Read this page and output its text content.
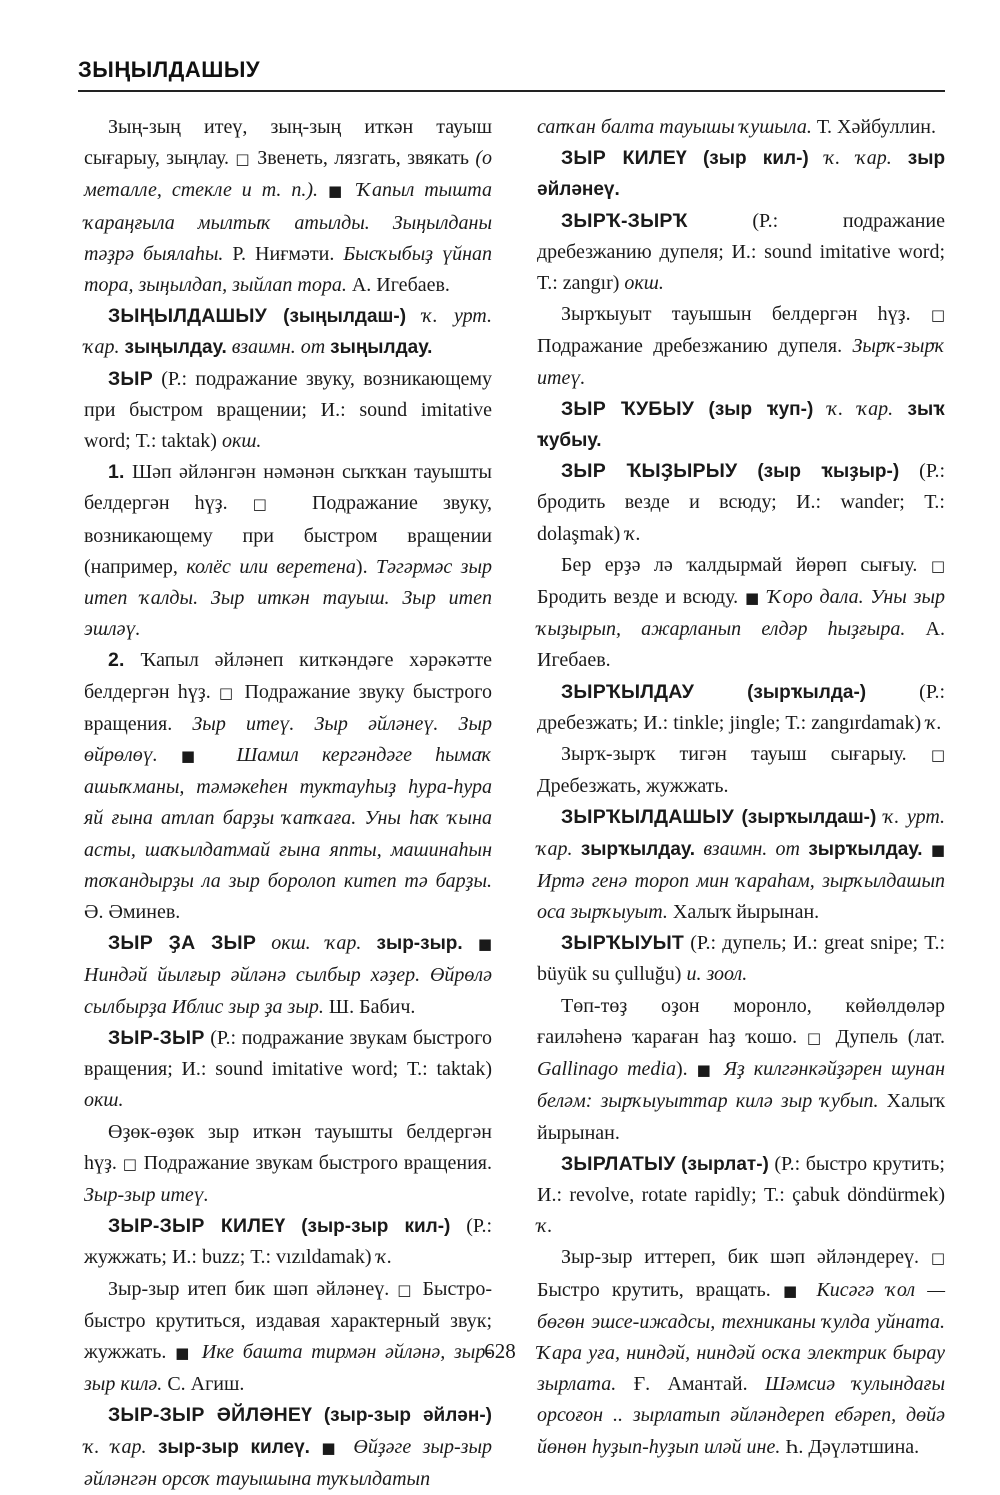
ЗЫҢЫЛДАШЫУ

Зың-зың итеү, зың-зың иткән тауыш сығарыу, зыңлау. □ Звенеть, лязгать, звякать (о металле, стекле и т. п.). ■ Ҡапыл тышта ҡараңғыла мылтыҡ атылды. Зыңылданы тәҙрә быялаһы. Р. Ниғмәти. Бысҡыбыҙ үйнап тора, зыңылдап, зыйлап тора. А. Игебаев.

ЗЫҢЫЛДАШЫУ (зыңылдаш-) ҡ. урт. ҡар. зыңылдау. взаимн. от зыңылдау.

ЗЫР (Р.: подражание звуку, возникающему при быстром вращении; И.: sound imitative word; Т.: taktak) окш.

1. Шәп әйләнгән нәмәнән сыҡҡан тауышты белдергән һүҙ. □ Подражание звуку, возникающему при быстром вращении (например, колёс или веретена). Тәгәрмәс зыр итеп ҡалды. Зыр иткән тауыш. Зыр итеп эшләү.

2. Ҡапыл әйләнеп киткәндәге хәрәкәтте белдергән һүҙ. □ Подражание звуку быстрого вращения. Зыр итеү. Зыр әйләнеү. Зыр өйрөлөү. ■ Шамил кергәндәге һымаҡ ашыҡманы, тәмәкеһен туктауһыҙ һура-һура яй ғына атлап барҙы ҡапҡаға. Уны һаҡ ҡына асты, шаҡылдатмай ғына япты, машинаһын тоҡандырҙы ла зыр боролоп китеп тә барҙы. Ә. Әминев.

ЗЫР ҘА ЗЫР окш. ҡар. зыр-зыр. ■ Ниндәй йылғыр әйләнә сылбыр хәҙер. Өйрөлә сылбырҙа Иблис зыр ҙа зыр. Ш. Бабич.

ЗЫР-ЗЫР (Р.: подражание звукам быстрого вращения; И.: sound imitative word; Т.: taktak) окш.

Өҙөк-өҙөк зыр иткән тауышты белдергән һүҙ. □ Подражание звукам быстрого вращения. Зыр-зыр итеү.

ЗЫР-ЗЫР КИЛЕҮ (зыр-зыр кил-) (Р.: жужжать; И.: buzz; Т.: vızıldamak) ҡ.

Зыр-зыр итеп бик шәп әйләнеү. □ Быстро-быстро крутиться, издавая характерный звук; жужжать. ■ Ике башта тирмән әйләнә, зыр-зыр килә. С. Агиш.

ЗЫР-ЗЫР ӘЙЛӘНЕҮ (зыр-зыр әйлән-) ҡ. ҡар. зыр-зыр килеү. ■ Өйҙәге зыр-зыр әйләнгән орсоҡ тауышына туҡылдатып

сапҡан балта тауышы ҡушыла. Т. Хәйбуллин.

ЗЫР КИЛЕҮ (зыр кил-) ҡ. ҡар. зыр әйләнеү.

ЗЫРҠ-ЗЫРҠ	(Р.: подражание дребезжанию дупеля; И.: sound imitative word; Т.: zangır) окш.

Зырҡыуыт тауышын белдергән һүҙ. □ Подражание дребезжанию дупеля. Зырҡ-зырҡ итеү.

ЗЫР ҠУБЫУ (зыр ҡуп-) ҡ. ҡар. зыҡ ҡубыу.

ЗЫР ҠЫҘЫРЫУ (зыр ҡыҙыр-) (Р.: бродить везде и всюду; И.: wander; Т.: dolaşmak) ҡ.

Бер ерҙә лә ҡалдырмай йөрөп сығыу. □ Бродить везде и всюду. ■ Ҡоро дала. Уны зыр ҡыҙырып, ажарланып елдәр һыҙғыра. А. Игебаев.

ЗЫРҠЫЛДАУ	(зырҡылда-)	(Р.: дребезжать; И.: tinkle; jingle; Т.: zangırdamak) ҡ.

Зырҡ-зырҡ тигән тауыш сығарыу. □ Дребезжать, жужжать.

ЗЫРҠЫЛДАШЫУ (зырҡылдаш-) ҡ. урт. ҡар. зырҡылдау. взаимн. от зырҡылдау. ■ Иртә генә тороп мин ҡараһам, зырҡылдашып оса зырҡыуыт. Халыҡ йырынан.

ЗЫРҠЫУЫТ (Р.: дупель; И.: great snipe; Т.: büyük su çulluğu) и. зоол.

Төп-төҙ оҙон моронло, көйөлдөләр ғаиләһенә ҡараған һаҙ ҡошо. □ Дупель (лат. Gallinago media). ■ Яҙ килгәнкәйҙәрен шунан беләм: зырҡыуыттар килә зыр ҡубып. Халыҡ йырынан.

ЗЫРЛАТЫУ (зырлат-) (Р.: быстро крутить; И.: revolve, rotate rapidly; Т.: çabuk döndürmek) ҡ.

Зыр-зыр иттереп, бик шәп әйләндереү. □ Быстро крутить, вращать. ■ Кисәгә ҡол — бөгөн эшсе-ижадсы, техниканы ҡулда уйната. Ҡара уға, ниндәй, ниндәй осҡа электрик бырау зырлата. Ғ. Амантай. Шәмсиә ҡулындағы орсоғон .. зырлатып әйләндереп ебәреп, дөйә йөнөн һуҙып-һуҙып иләй ине. Һ. Дәүләтшина.

628
